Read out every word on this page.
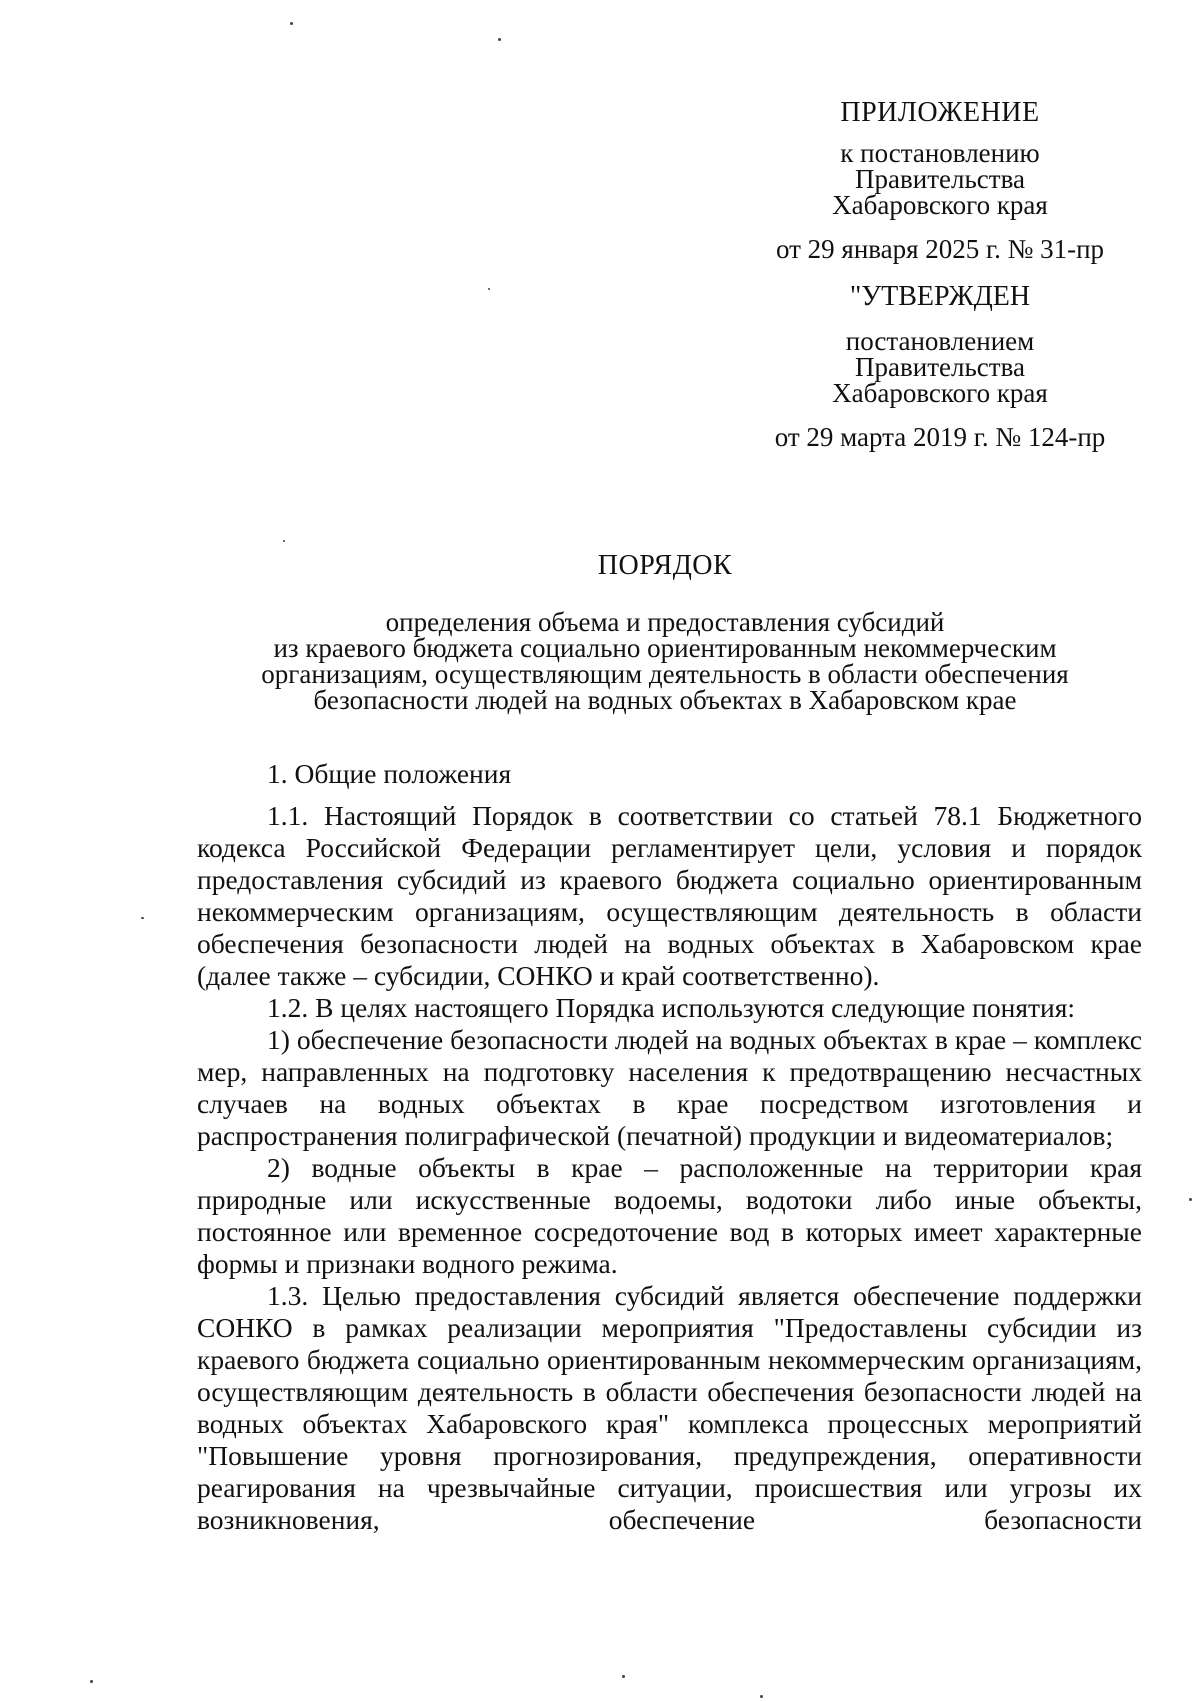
ПРИЛОЖЕНИЕ
к постановлению
Правительства
Хабаровского края
от 29 января 2025 г. № 31-пр
"УТВЕРЖДЕН
постановлением
Правительства
Хабаровского края
от 29 марта 2019 г. № 124-пр
ПОРЯДОК
определения объема и предоставления субсидий
из краевого бюджета социально ориентированным некоммерческим
организациям, осуществляющим деятельность в области обеспечения
безопасности людей на водных объектах в Хабаровском крае

1. Общие положения

1.1. Настоящий Порядок в соответствии со статьей 78.1 Бюджетного кодекса Российской Федерации регламентирует цели, условия и порядок предоставления субсидий из краевого бюджета социально ориентированным некоммерческим организациям, осуществляющим деятельность в области обеспечения безопасности людей на водных объектах в Хабаровском крае (далее также – субсидии, СОНКО и край соответственно).

1.2. В целях настоящего Порядка используются следующие понятия:

1) обеспечение безопасности людей на водных объектах в крае – комплекс мер, направленных на подготовку населения к предотвращению несчастных случаев на водных объектах в крае посредством изготовления и распространения полиграфической (печатной) продукции и видеоматериалов;

2) водные объекты в крае – расположенные на территории края природные или искусственные водоемы, водотоки либо иные объекты, постоянное или временное сосредоточение вод в которых имеет характерные формы и признаки водного режима.

1.3. Целью предоставления субсидий является обеспечение поддержки СОНКО в рамках реализации мероприятия "Предоставлены субсидии из краевого бюджета социально ориентированным некоммерческим организациям, осуществляющим деятельность в области обеспечения безопасности людей на водных объектах Хабаровского края" комплекса процессных мероприятий "Повышение уровня прогнозирования, предупреждения, оперативности реагирования на чрезвычайные ситуации, происшествия или угрозы их возникновения, обеспечение безопасности
